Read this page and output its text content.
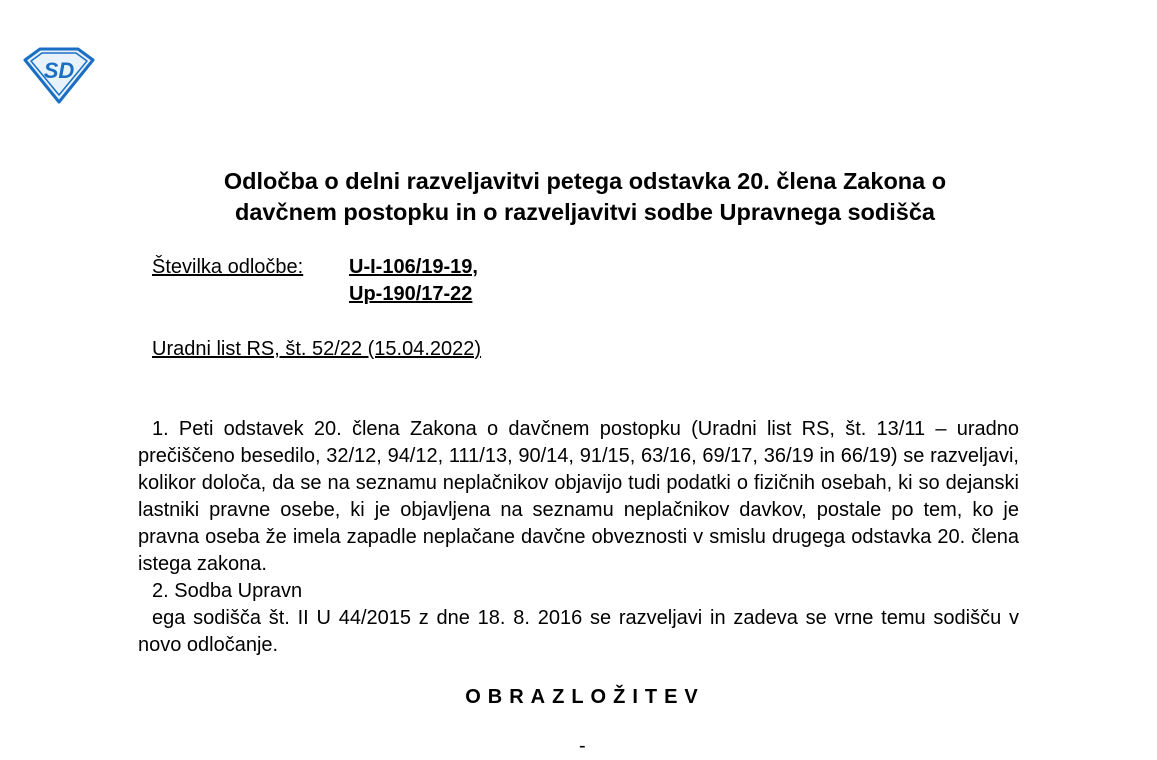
SD
Odločba o delni razveljavitvi petega odstavka 20. člena Zakona o
davčnem postopku in o razveljavitvi sodbe Upravnega sodišča
Številka odločbe: U-I-106/19-19,
Up-190/17-22
Uradni list RS, št. 52/22 (15.04.2022)
1. Peti odstavek 20. člena Zakona o davčnem postopku (Uradni list RS, št. 13/11 – uradno prečiščeno besedilo, 32/12, 94/12, 111/13, 90/14, 91/15, 63/16, 69/17, 36/19 in 66/19) se razveljavi, kolikor določa, da se na seznamu neplačnikov objavijo tudi podatki o fizičnih osebah, ki so dejanski lastniki pravne osebe, ki je objavljena na seznamu neplačnikov davkov, postale po tem, ko je pravna oseba že imela zapadle neplačane davčne obveznosti v smislu drugega odstavka 20. člena istega zakona.
2. Sodba Upravn
ega sodišča št. II U 44/2015 z dne 18. 8. 2016 se razveljavi in zadeva se vrne temu sodišču v novo odločanje.
OBRAZLOŽITEV
-
